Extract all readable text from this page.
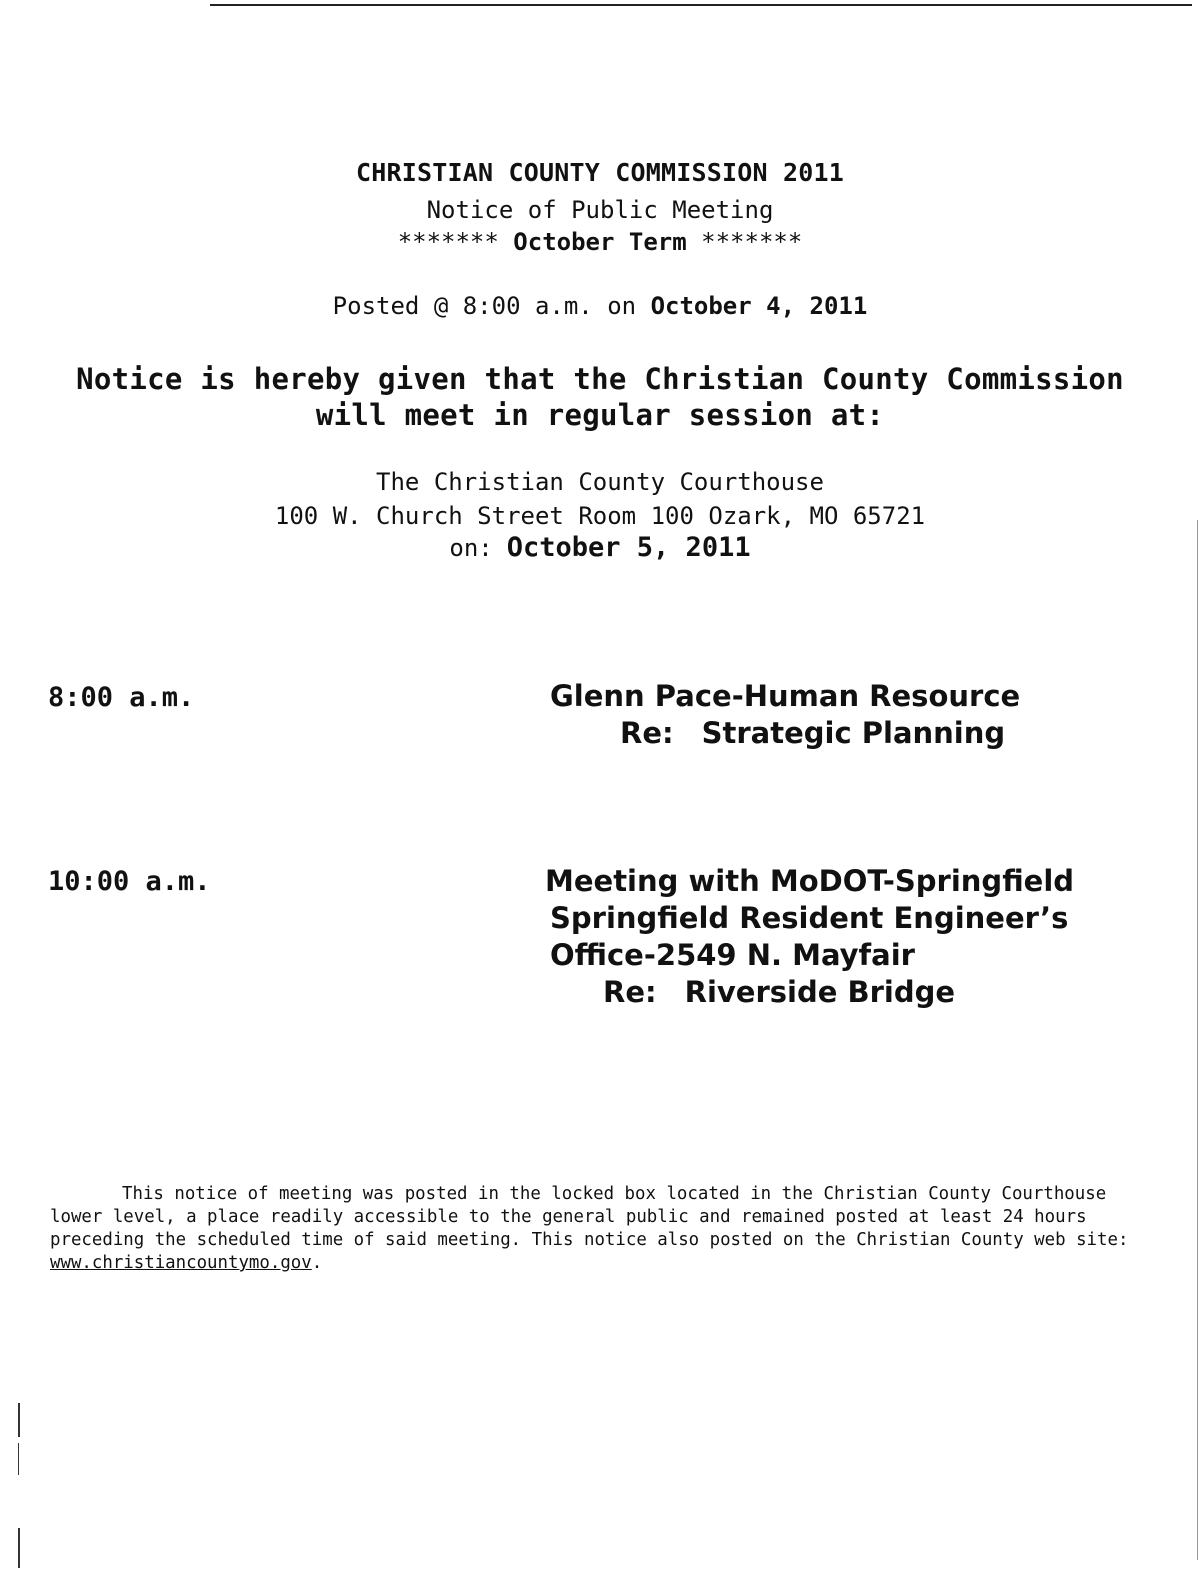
CHRISTIAN COUNTY COMMISSION 2011
Notice of Public Meeting
******* October Term *******
Posted @ 8:00 a.m. on October 4, 2011
Notice is hereby given that the Christian County Commission
will meet in regular session at:
The Christian County Courthouse
100 W. Church Street Room 100 Ozark, MO 65721
on: October 5, 2011
8:00 a.m.	Glenn Pace-Human Resource
Re: Strategic Planning
10:00 a.m.	Meeting with MoDOT-Springfield
Springfield Resident Engineer’s
Office-2549 N. Mayfair
Re: Riverside Bridge
This notice of meeting was posted in the locked box located in the Christian County Courthouse lower level, a place readily accessible to the general public and remained posted at least 24 hours preceding the scheduled time of said meeting. This notice also posted on the Christian County web site: www.christiancountymo.gov.
